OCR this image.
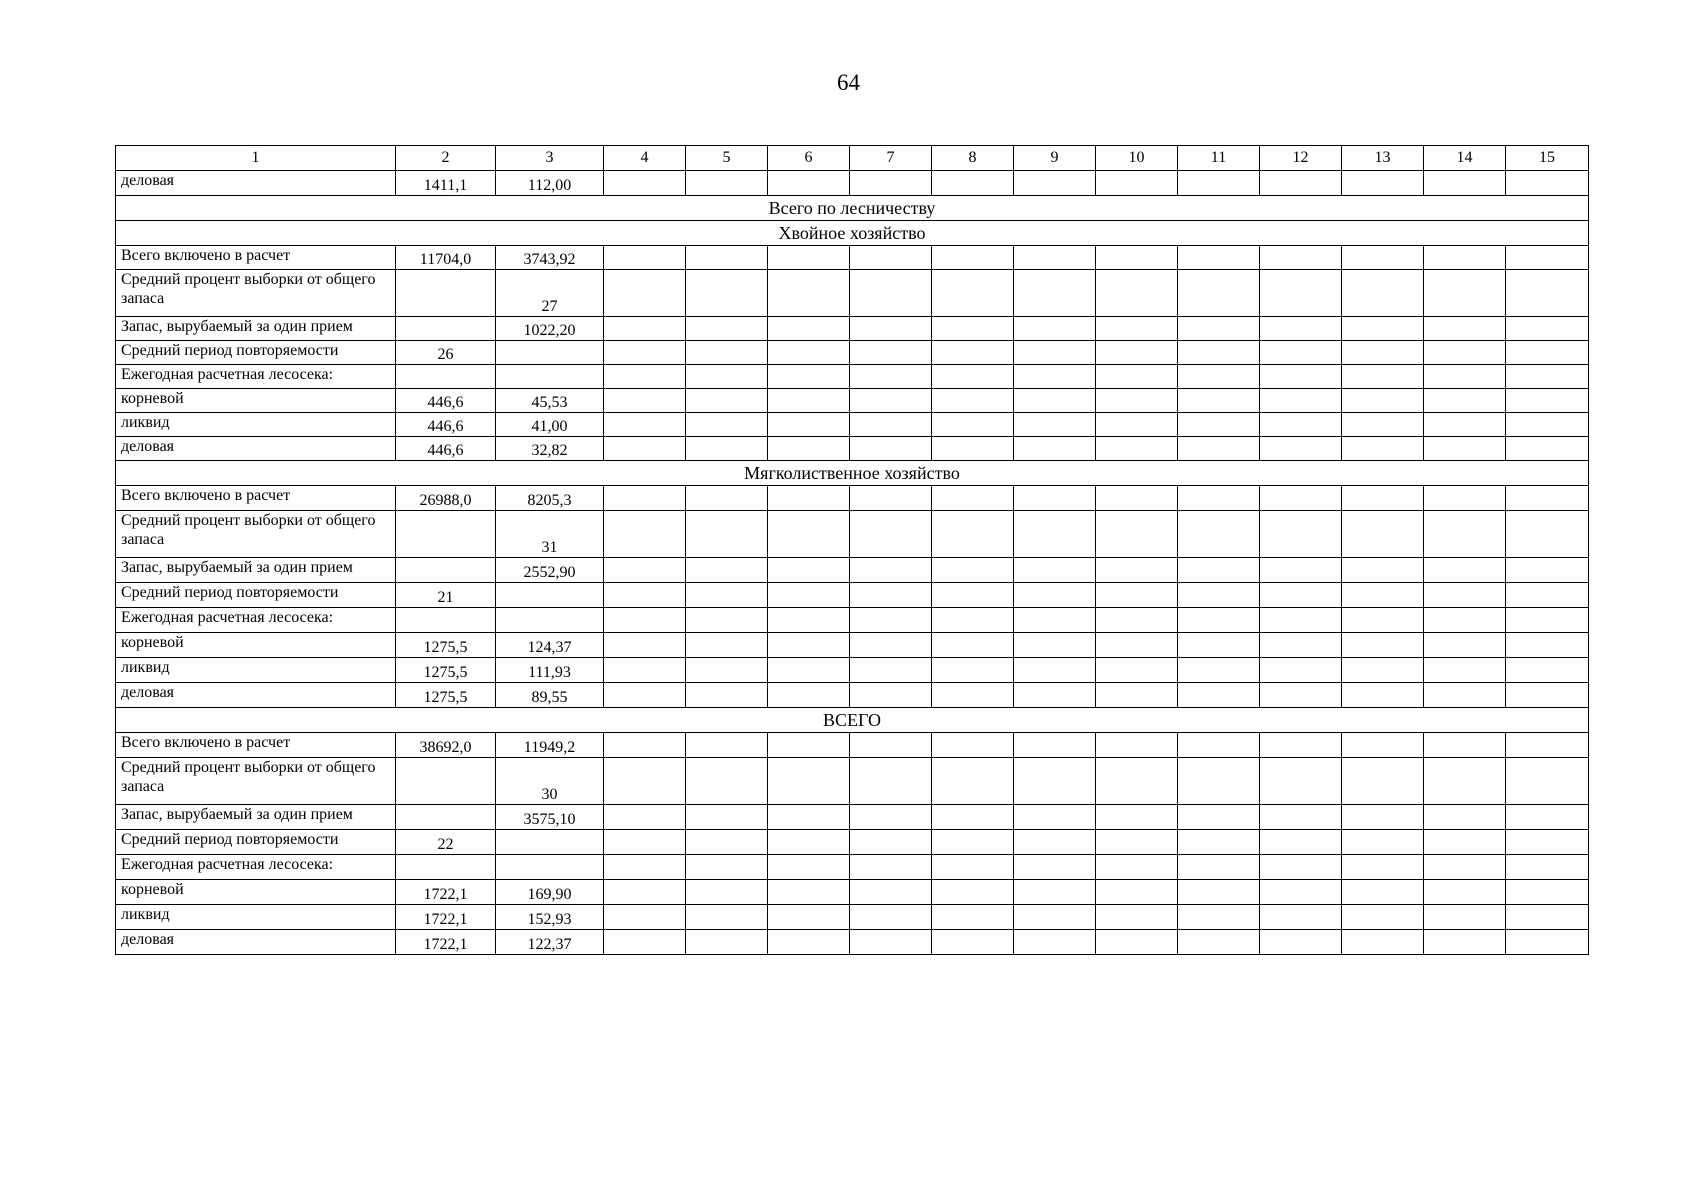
64
1	2	3	4	5	6	7	8	9	10	11	12	13	14	15
деловая	1411,1	112,00												
Всего по лесничеству														
Хвойное хозяйство														
Всего включено в расчет	11704,0	3743,92												
Средний процент выборки от общего запаса		27												
Запас, вырубаемый за один прием		1022,20												
Средний период повторяемости	26													
Ежегодная расчетная лесосека:														
корневой	446,6	45,53												
ликвид	446,6	41,00												
деловая	446,6	32,82												
Мягколиственное хозяйство														
Всего включено в расчет	26988,0	8205,3												
Средний процент выборки от общего запаса		31												
Запас, вырубаемый за один прием		2552,90												
Средний период повторяемости	21													
Ежегодная расчетная лесосека:														
корневой	1275,5	124,37												
ликвид	1275,5	111,93												
деловая	1275,5	89,55												
ВСЕГО														
Всего включено в расчет	38692,0	11949,2												
Средний процент выборки от общего запаса		30												
Запас, вырубаемый за один прием		3575,10												
Средний период повторяемости	22													
Ежегодная расчетная лесосека:														
корневой	1722,1	169,90												
ликвид	1722,1	152,93												
деловая	1722,1	122,37												
